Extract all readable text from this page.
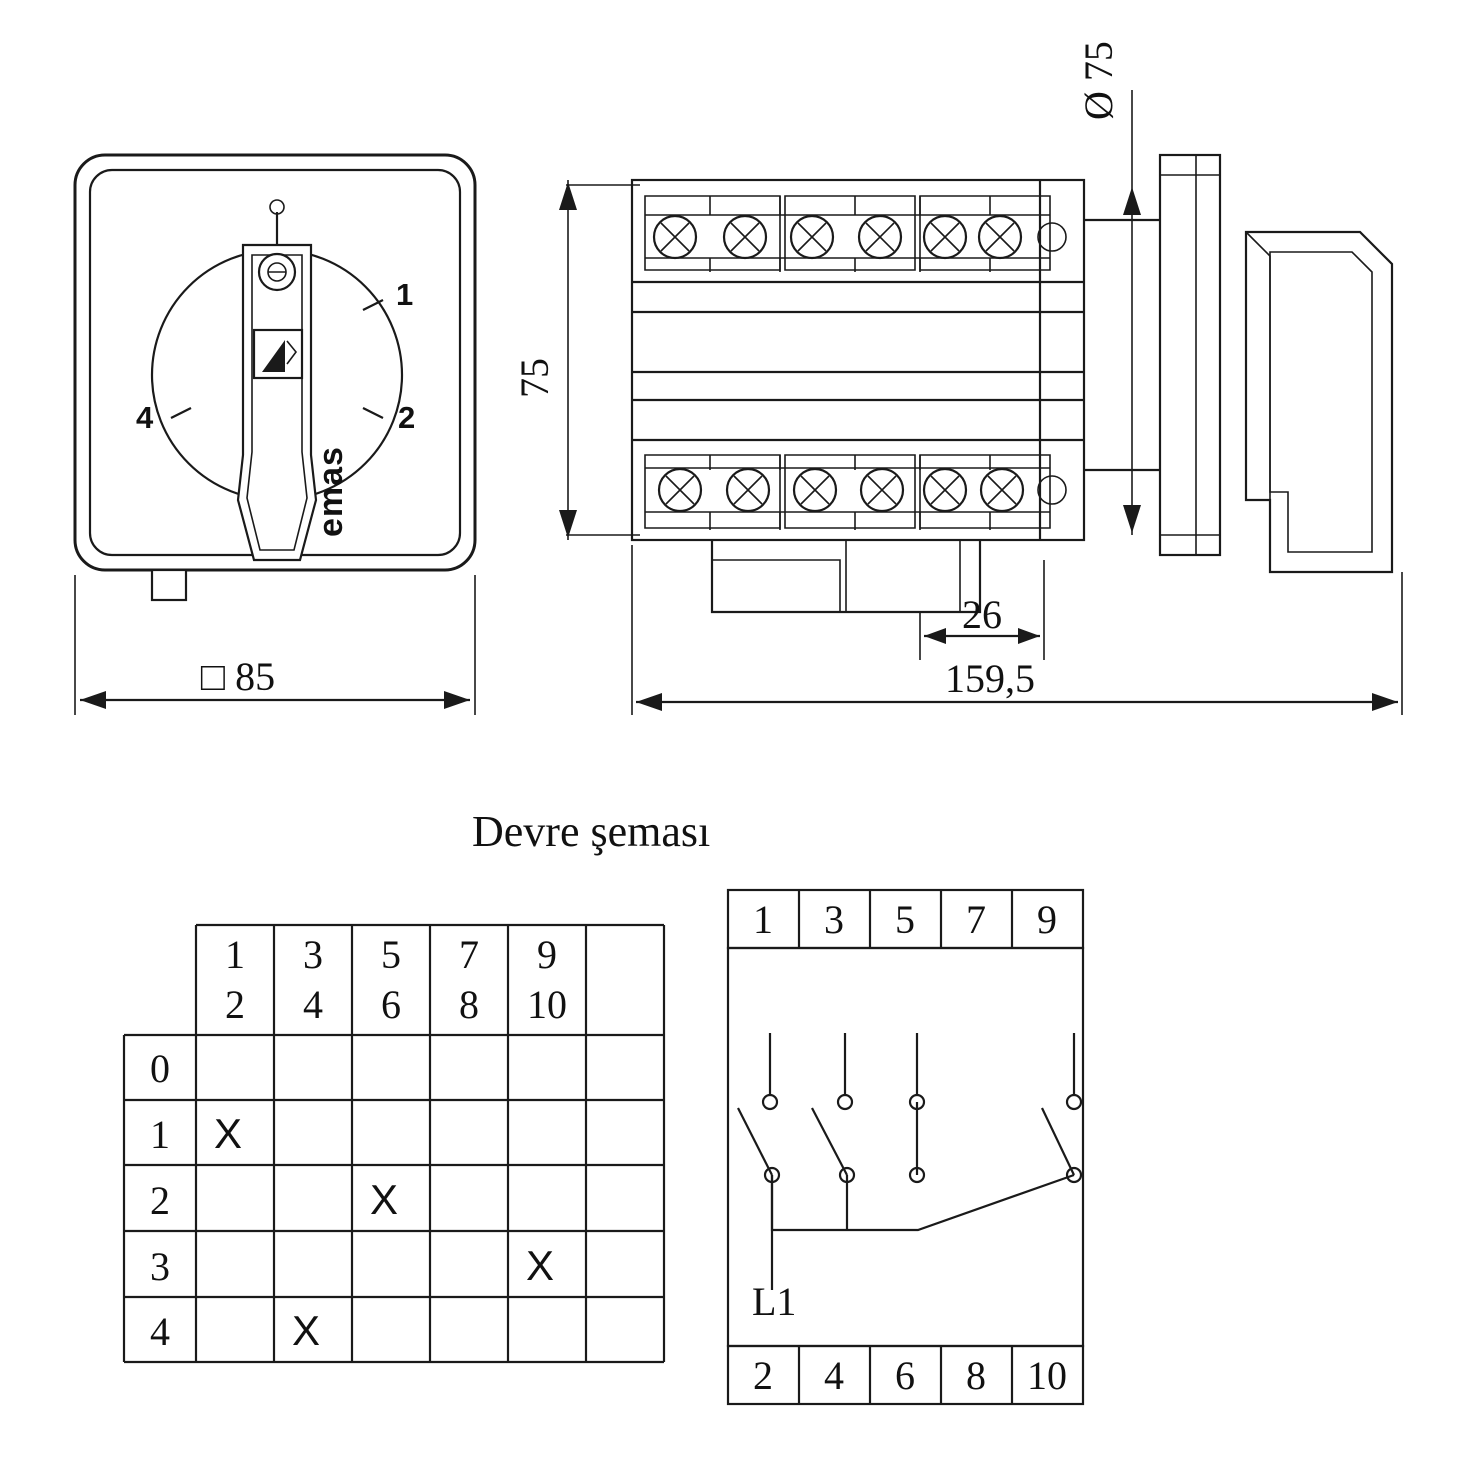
1
2
4
emas
□ 85
75
Ø 75
26
159,5
Devre şeması
1
2
3
4
5
6
7
8
9
10
0
1
2
3
4
X
X
X
X
1 3 5 7 9
L1
2 4 6 8 10
